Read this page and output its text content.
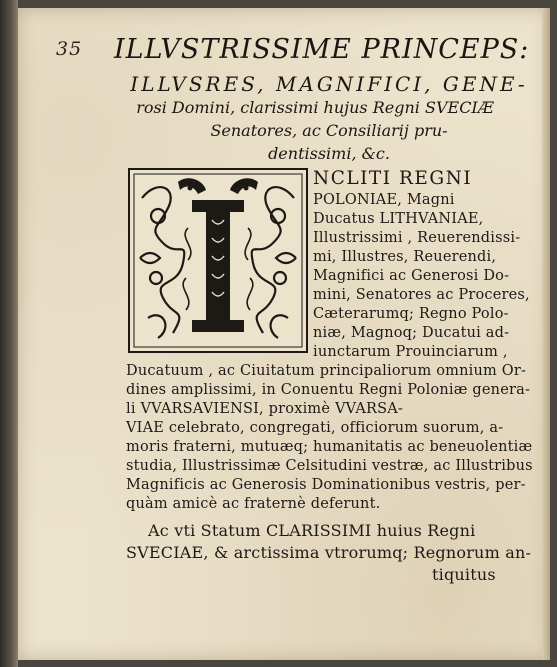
35 ILLVSTRISSIME PRINCEPS:
ILLVSRES, MAGNIFICI, GENE-
rosi Domini, clarissimi hujus Regni SVECIÆ
Senatores, ac Consiliarij pru-
dentissimi, &c.
NCLITI REGNI
POLONIAE, Magni
Ducatus LITHVANIAE,
Illustrissimi , Reuerendissi-
mi, Illustres, Reuerendi,
Magnifici ac Generosi Do-
mini, Senatores ac Proceres,
Cæterarumq; Regno Polo-
niæ, Magnoq; Ducatui ad-
iunctarum Prouinciarum ,
Ducatuum , ac Ciuitatum principaliorum omnium Or-
dines amplissimi, in Conuentu Regni Poloniæ genera-
li VVARSAVIENSI, proximè VVARSA-
VIAE celebrato, congregati, officiorum suorum, a-
moris fraterni, mutuæq; humanitatis ac beneuolentiæ
studia, Illustrissimæ Celsitudini vestræ, ac Illustribus
Magnificis ac Generosis Dominationibus vestris, per-
quàm amicè ac fraternè deferunt.
Ac vti Statum CLARISSIMI huius Regni
SVECIAE, & arctissima vtrorumq; Regnorum an-
tiquitus
